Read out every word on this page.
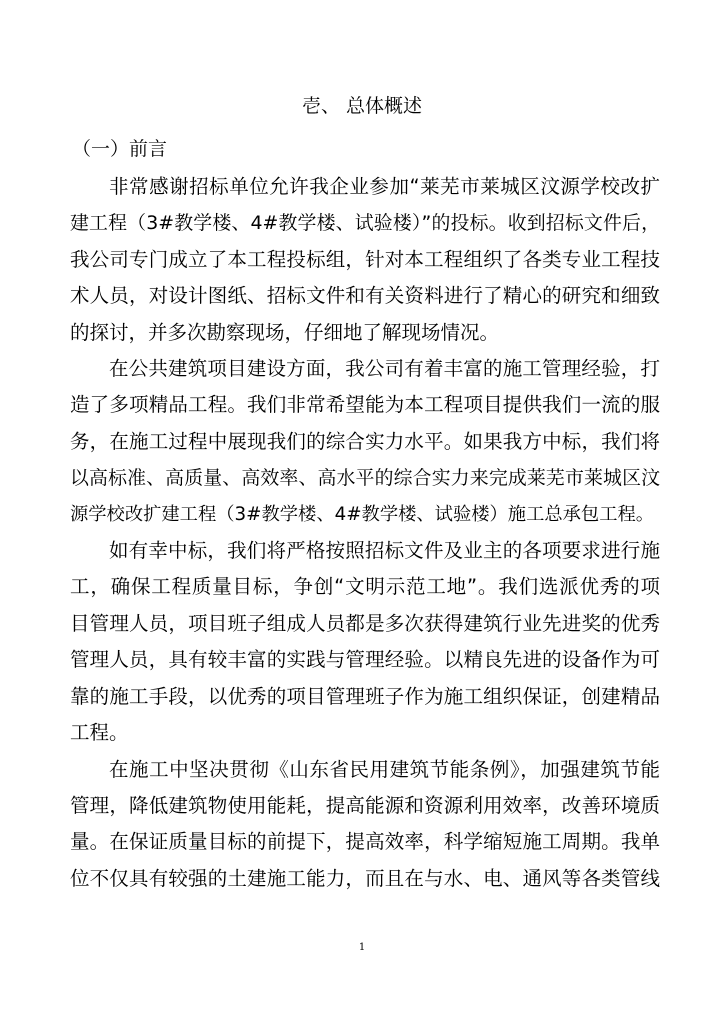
壱、 总体概述
（一）前言
非常感谢招标单位允许我企业参加“莱芜市莱城区汶源学校改扩
建工程（3#教学楼、4#教学楼、试验楼）”的投标。收到招标文件后，
我公司专门成立了本工程投标组，针对本工程组织了各类专业工程技
术人员，对设计图纸、招标文件和有关资料进行了精心的研究和细致
的探讨，并多次勘察现场，仔细地了解现场情况。
在公共建筑项目建设方面，我公司有着丰富的施工管理经验，打
造了多项精品工程。我们非常希望能为本工程项目提供我们一流的服
务，在施工过程中展现我们的综合实力水平。如果我方中标，我们将
以高标准、高质量、高效率、高水平的综合实力来完成莱芜市莱城区汶
源学校改扩建工程（3#教学楼、4#教学楼、试验楼）施工总承包工程。
如有幸中标，我们将严格按照招标文件及业主的各项要求进行施
工，确保工程质量目标，争创“文明示范工地”。我们选派优秀的项
目管理人员，项目班子组成人员都是多次获得建筑行业先进奖的优秀
管理人员，具有较丰富的实践与管理经验。以精良先进的设备作为可
靠的施工手段，以优秀的项目管理班子作为施工组织保证，创建精品
工程。
在施工中坚决贯彻《山东省民用建筑节能条例》，加强建筑节能
管理，降低建筑物使用能耗，提高能源和资源利用效率，改善环境质
量。在保证质量目标的前提下，提高效率，科学缩短施工周期。我单
位不仅具有较强的土建施工能力，而且在与水、电、通风等各类管线
1
